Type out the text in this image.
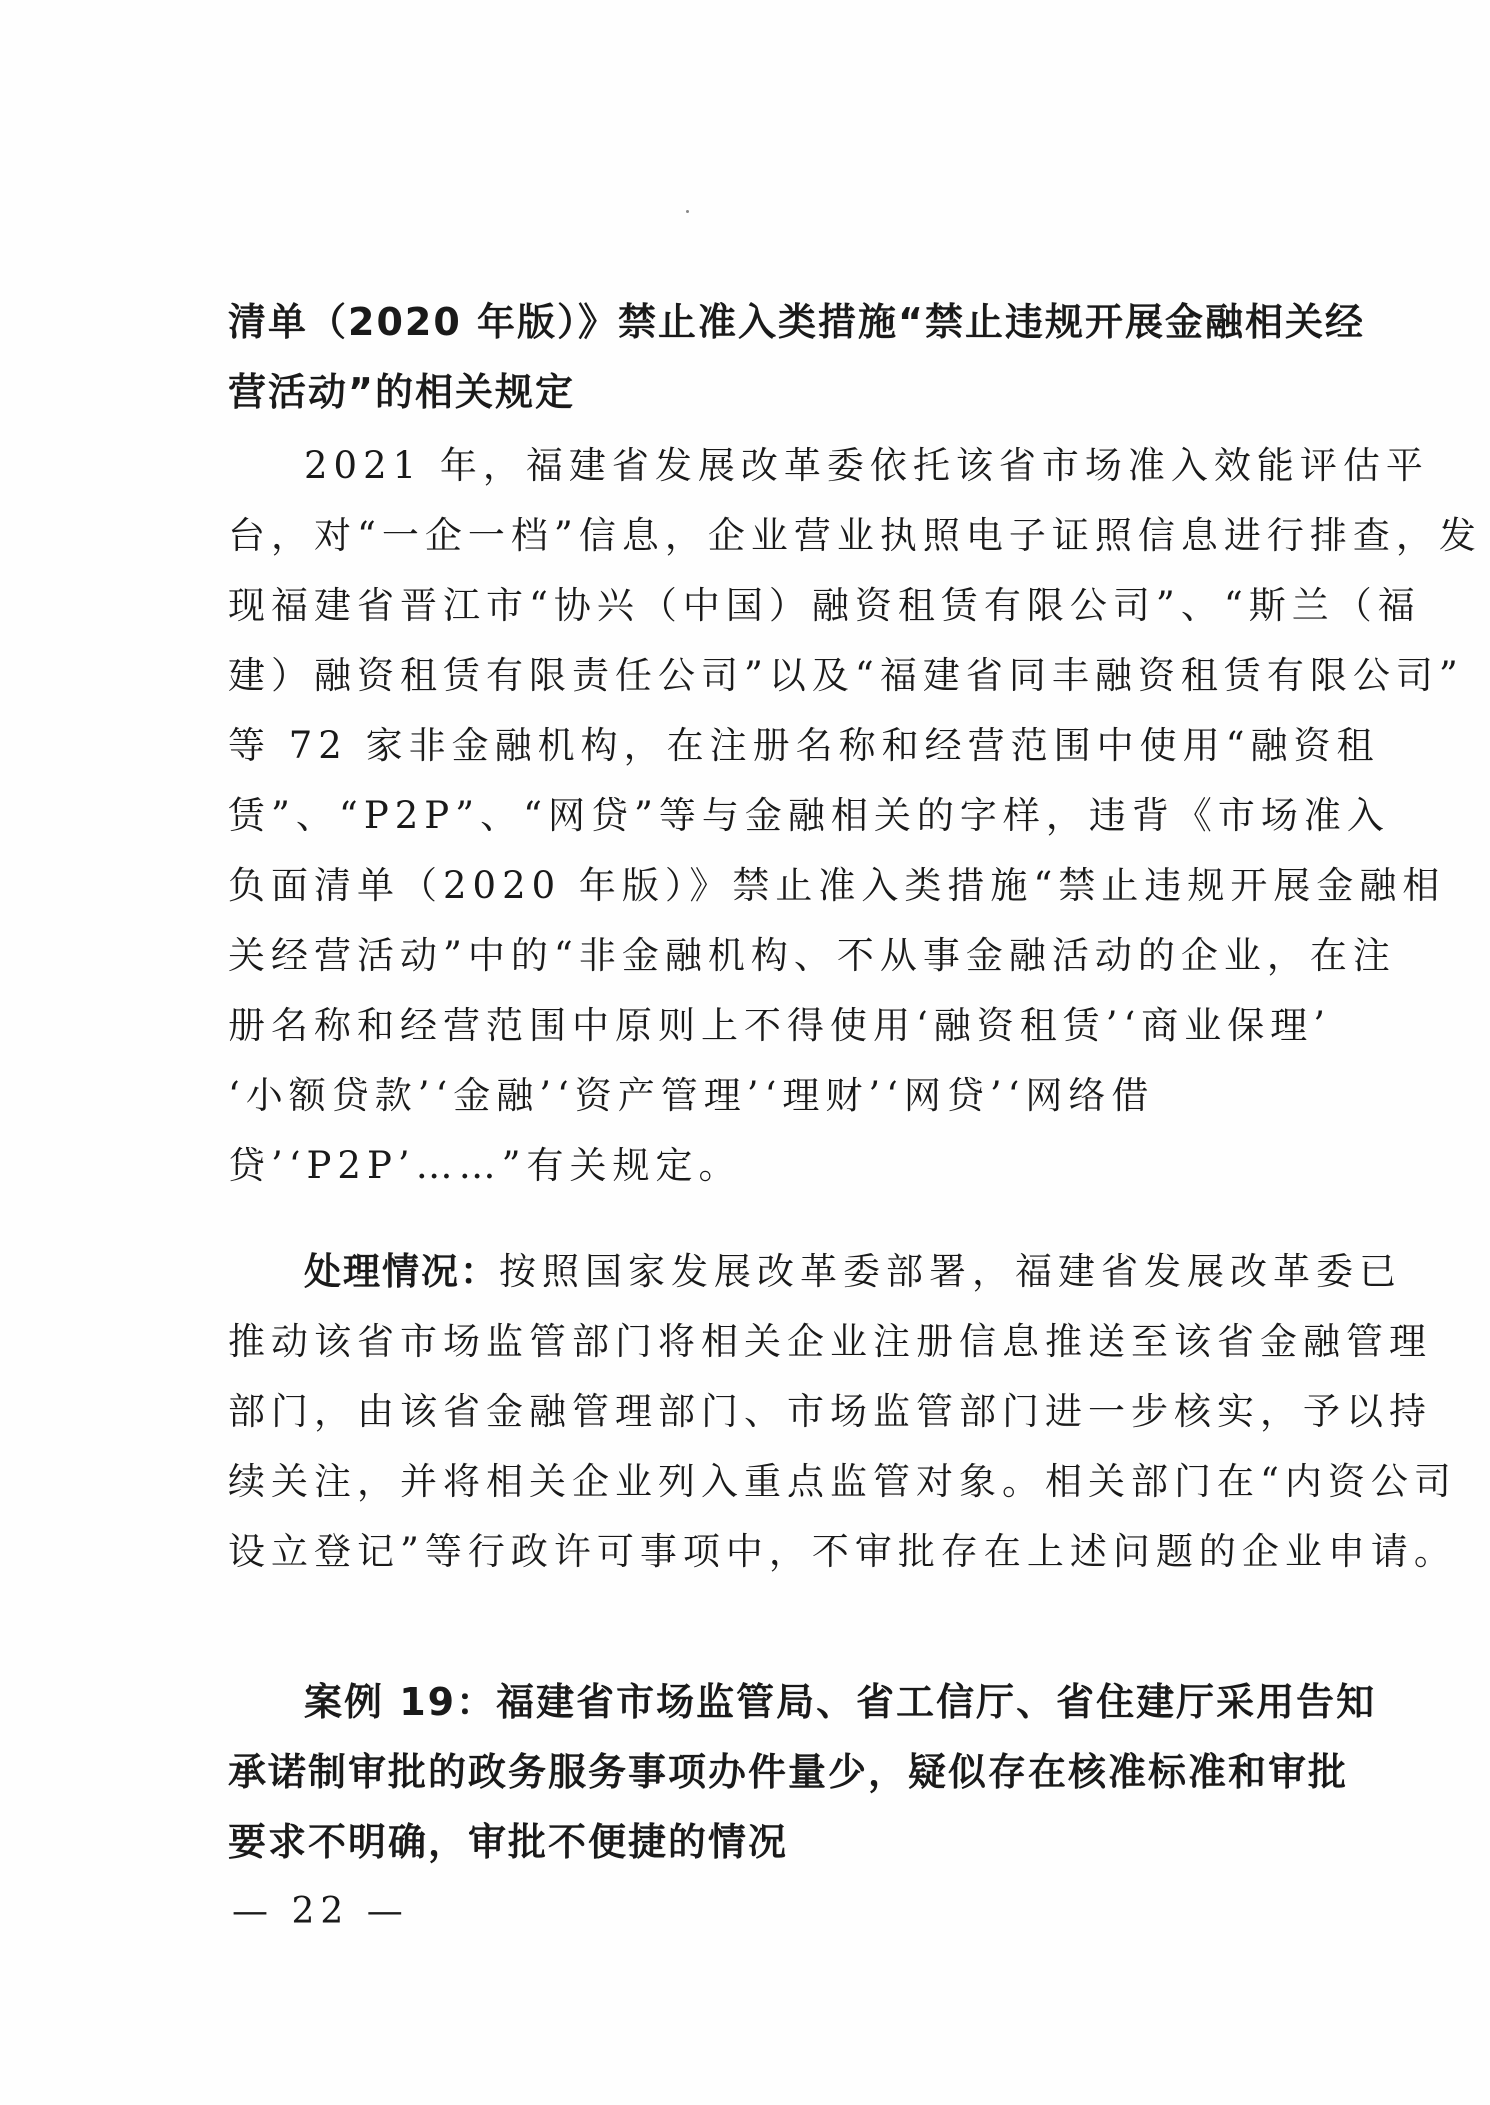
清单（2020 年版）》禁止准入类措施“禁止违规开展金融相关经
营活动”的相关规定
2021 年，福建省发展改革委依托该省市场准入效能评估平
台，对“一企一档”信息，企业营业执照电子证照信息进行排查，发
现福建省晋江市“协兴（中国）融资租赁有限公司”、“斯兰（福
建）融资租赁有限责任公司”以及“福建省同丰融资租赁有限公司”
等 72 家非金融机构，在注册名称和经营范围中使用“融资租
赁”、“P2P”、“网贷”等与金融相关的字样，违背《市场准入
负面清单（2020 年版）》禁止准入类措施“禁止违规开展金融相
关经营活动”中的“非金融机构、不从事金融活动的企业，在注
册名称和经营范围中原则上不得使用‘融资租赁’‘商业保理’
‘小额贷款’‘金融’‘资产管理’‘理财’‘网贷’‘网络借
贷’‘P2P’……”有关规定。
处理情况：按照国家发展改革委部署，福建省发展改革委已
推动该省市场监管部门将相关企业注册信息推送至该省金融管理
部门，由该省金融管理部门、市场监管部门进一步核实，予以持
续关注，并将相关企业列入重点监管对象。相关部门在“内资公司
设立登记”等行政许可事项中，不审批存在上述问题的企业申请。
案例 19：福建省市场监管局、省工信厅、省住建厅采用告知
承诺制审批的政务服务事项办件量少，疑似存在核准标准和审批
要求不明确，审批不便捷的情况
— 22 —
